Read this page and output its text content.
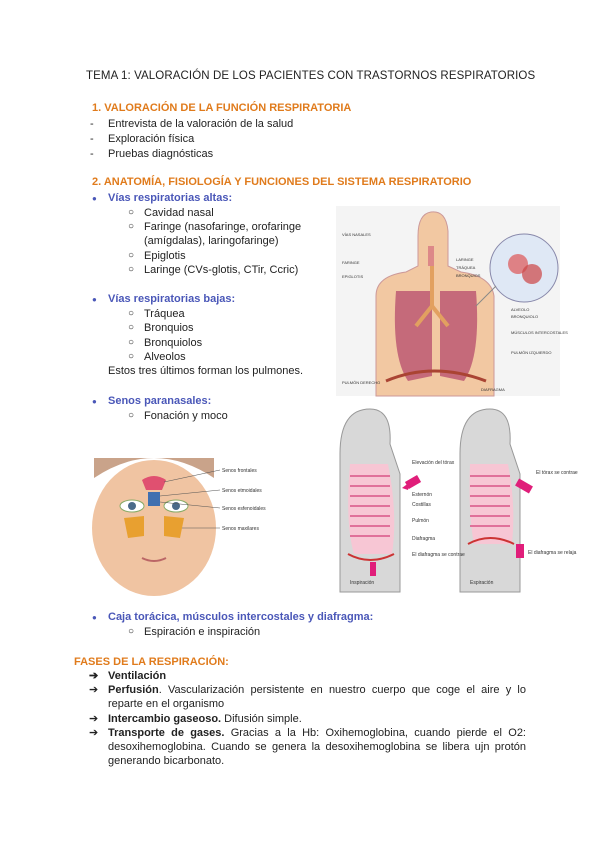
TEMA 1: VALORACIÓN DE LOS PACIENTES CON TRASTORNOS RESPIRATORIOS
1. VALORACIÓN DE LA FUNCIÓN RESPIRATORIA
- Entrevista de la valoración de la salud
- Exploración física
- Pruebas diagnósticas
2. ANATOMÍA, FISIOLOGÍA Y FUNCIONES DEL SISTEMA RESPIRATORIO
● Vías respiratorias altas:
○ Cavidad nasal
○ Faringe (nasofaringe, orofaringe
(amígdalas), laringofaringe)
○ Epiglotis
○ Laringe (CVs-glotis, CTir, Ccric)
● Vías respiratorias bajas:
○ Tráquea
○ Bronquios
○ Bronquiolos
○ Alveolos
Estos tres últimos forman los pulmones.
● Senos paranasales:
○ Fonación y moco
VÍAS NASALES
FARINGE
EPIGLOTIS
LARINGE
TRÁQUEA
BRONQUIOS
ALVEOLO
BRONQUIOLO
MÚSCULOS INTERCOSTALES
PULMÓN DERECHO
DIAFRAGMA
PULMÓN IZQUIERDO
Senos frontales
Senos etmoidales
Senos esfenoidales
Senos maxilares
Elevación del tórax
Esternón
Costillas
Pulmón
Diafragma
El diafragma se contrae
Inspiración
El tórax se contrae
El diafragma se relaja
Espiración
● Caja torácica, músculos intercostales y diafragma:
○ Espiración e inspiración
FASES DE LA RESPIRACIÓN:
➔ Ventilación
➔ Perfusión. Vascularización persistente en nuestro cuerpo que coge el aire y lo reparte en el organismo
➔ Intercambio gaseoso. Difusión simple.
➔ Transporte de gases. Gracias a la Hb: Oxihemoglobina, cuando pierde el O2: desoxihemoglobina. Cuando se genera la desoxihemoglobina se libera ujn protón generando bicarbonato.
